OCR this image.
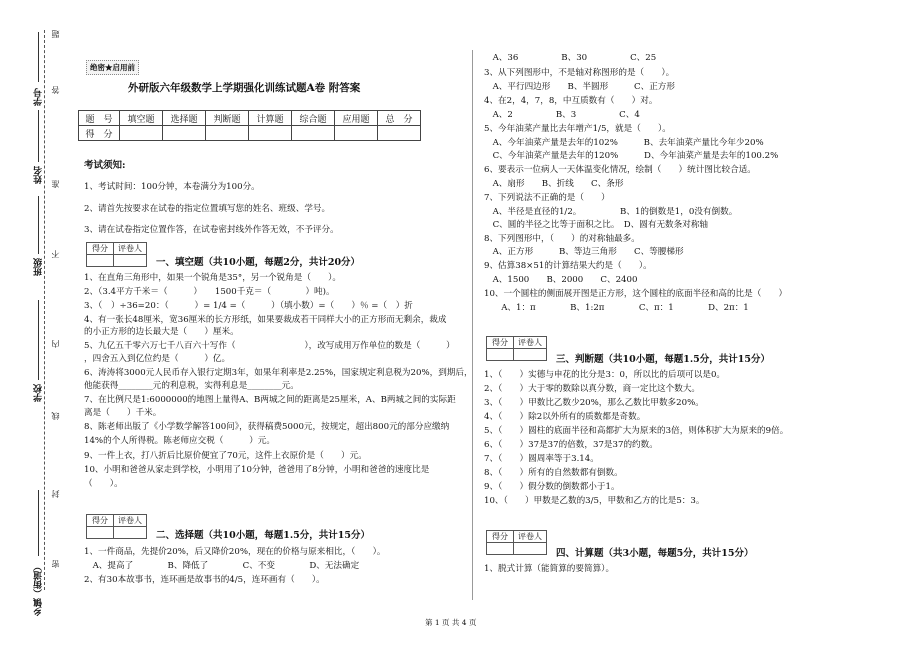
题
答
准
不
内
线
封
密
学号
姓名
班级
学校
乡镇（街道）
绝密★启用前
外研版六年级数学上学期强化训练试题A卷 附答案
题　号	填空题	选择题	判断题	计算题	综合题	应用题	总　分
得　分							
考试须知:
1、考试时间：100分钟，本卷满分为100分。
2、请首先按要求在试卷的指定位置填写您的姓名、班级、学号。
3、请在试卷指定位置作答，在试卷密封线外作答无效，不予评分。
得分	评卷人

一、填空题（共10小题，每题2分，共计20分）
1、在直角三角形中，如果一个锐角是35°，另一个锐角是（　　）。
2、（3.4平方千米＝（　　　）　　1500千克＝（　　　　）吨)。
3、（　）÷36=20：（　　　）= 1/4 =（　　　）（填小数）=（　　）％ =（　）折
4、有一张长48厘米，宽36厘米的长方形纸，如果要裁成若干同样大小的正方形而无剩余，裁成
的小正方形的边长最大是（　　）厘米。
5、九亿五千零六万七千八百六十写作（　　　　　　　　），改写成用万作单位的数是（　　　）
，四舍五入到亿位约是（　　　）亿。
6、涛涛将3000元人民币存入银行定期3年，如果年利率是2.25%，国家规定利息税为20%，到期后，
他能获得________元的利息税，实得利息是________元。
7、在比例尺是1:6000000的地图上量得A、B两城之间的距离是25厘米，A、B两城之间的实际距
离是（　　）千米。
8、陈老师出版了《小学数学解答100问》，获得稿费5000元，按规定，超出800元的部分应缴纳
14%的个人所得税。陈老师应交税（　　　）元。
9、一件上衣，打八折后比原价便宜了70元，这件上衣原价是（　　）元。
10、小明和爸爸从家走到学校，小明用了10分钟，爸爸用了8分钟，小明和爸爸的速度比是
（　　）。
得分	评卷人

二、选择题（共10小题，每题1.5分，共计15分）
1、一件商品，先提价20%，后又降价20%，现在的价格与原来相比，（　　）。
　A、提高了　　　　B、降低了　　　　C、不变　　　　D、无法确定
2、有30本故事书，连环画是故事书的4/5，连环画有（　　）。
　A、36　　　　　B、30　　　　　C、25
3、从下列图形中，不是轴对称图形的是（　　）。
　A、平行四边形　　B、半圆形　　　C、正方形
4、在2，4，7，8，中互质数有（　　）对。
　A、2　　　　　B、3　　　　　C、4
5、今年油菜产量比去年增产1/5，就是（　　）。
　A、今年油菜产量是去年的102%　　　B、去年油菜产量比今年少20%
　C、今年油菜产量是去年的120%　　　D、今年油菜产量是去年的100.2%
6、要表示一位病人一天体温变化情况，绘制（　　）统计图比较合适。
　A、扇形　　B、折线　　C、条形
7、下列说法不正确的是（　　）
　A、半径是直径的1/2。　　　　　B、1的倒数是1，0没有倒数。
　C、圆的半径之比等于面积之比。　D、圆有无数条对称轴
8、下列图形中，（　　）的对称轴最多。
　A、正方形　　　B、等边三角形　　C、等腰梯形
9、估算38×51的计算结果大约是（　　）。
　A、1500　　B、2000　　C、2400
10、一个圆柱的侧面展开图是正方形，这个圆柱的底面半径和高的比是（　　）
　　A、1：π　　　　B、1:2π　　　　C、π：1　　　　D、2π：1
得分	评卷人

三、判断题（共10小题，每题1.5分，共计15分）
1、（　　）实德与申花的比分是3：0，所以比的后项可以是0。
2、（　　）大于零的数除以真分数，商一定比这个数大。
3、（　　）甲数比乙数少20%，那么乙数比甲数多20%。
4、（　　）除2以外所有的质数都是奇数。
5、（　　）圆柱的底面半径和高都扩大为原来的3倍，则体积扩大为原来的9倍。
6、（　　）37是37的倍数，37是37的约数。
7、（　　）圆周率等于3.14。
8、（　　）所有的自然数都有倒数。
9、（　　）假分数的倒数都小于1。
10、（　　）甲数是乙数的3/5，甲数和乙方的比是5：3。
得分	评卷人

四、计算题（共3小题，每题5分，共计15分）
1、脱式计算（能简算的要简算）。
第 1 页 共 4 页
